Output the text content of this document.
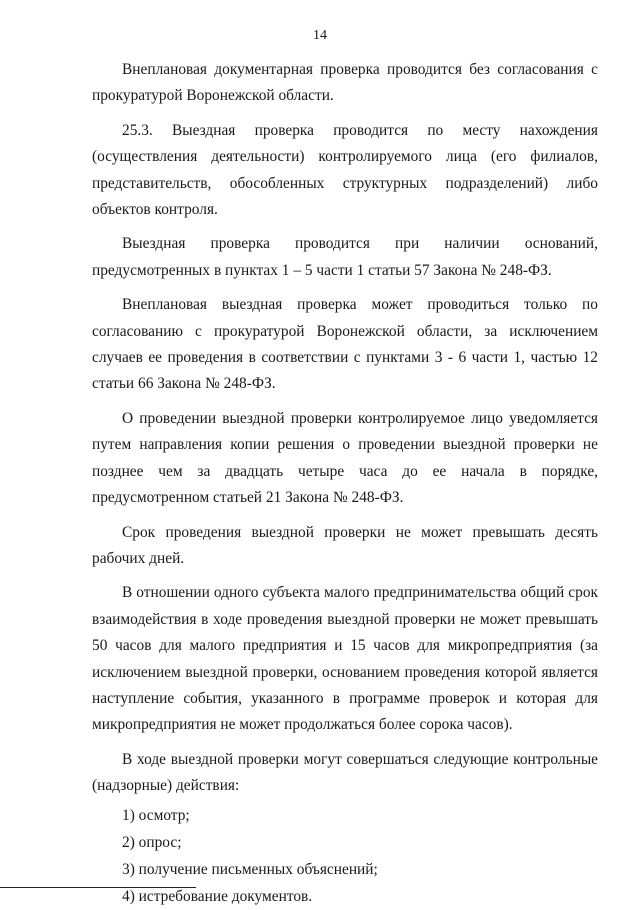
14

Внеплановая документарная проверка проводится без согласования с прокуратурой Воронежской области.

25.3. Выездная проверка проводится по месту нахождения (осуществления деятельности) контролируемого лица (его филиалов, представительств, обособленных структурных подразделений) либо объектов контроля.

Выездная проверка проводится при наличии оснований, предусмотренных в пунктах 1 – 5 части 1 статьи 57 Закона № 248-ФЗ.

Внеплановая выездная проверка может проводиться только по согласованию с прокуратурой Воронежской области, за исключением случаев ее проведения в соответствии с пунктами 3 - 6 части 1, частью 12 статьи 66 Закона № 248-ФЗ.

О проведении выездной проверки контролируемое лицо уведомляется путем направления копии решения о проведении выездной проверки не позднее чем за двадцать четыре часа до ее начала в порядке, предусмотренном статьей 21 Закона № 248-ФЗ.

Срок проведения выездной проверки не может превышать десять рабочих дней.

В отношении одного субъекта малого предпринимательства общий срок взаимодействия в ходе проведения выездной проверки не может превышать 50 часов для малого предприятия и 15 часов для микропредприятия (за исключением выездной проверки, основанием проведения которой является наступление события, указанного в программе проверок и которая для микропредприятия не может продолжаться более сорока часов).

В ходе выездной проверки могут совершаться следующие контрольные (надзорные) действия:

1) осмотр;

2) опрос;

3) получение письменных объяснений;

4) истребование документов.
